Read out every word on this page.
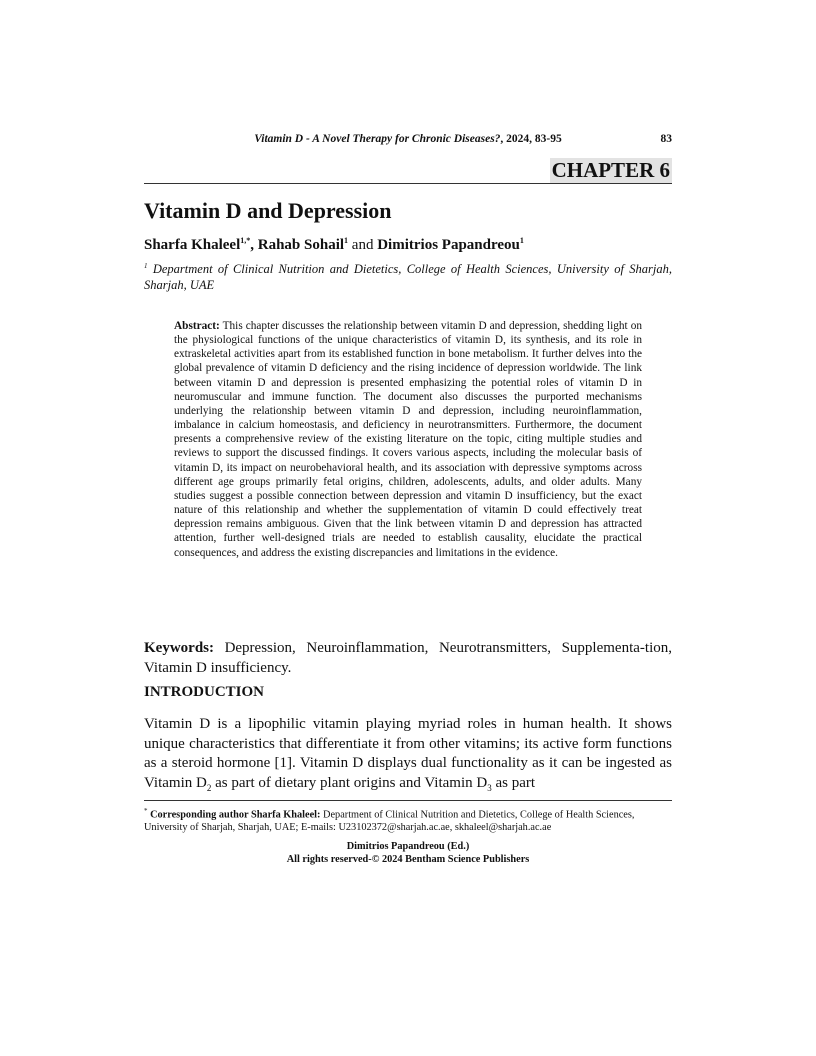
Vitamin D - A Novel Therapy for Chronic Diseases?, 2024, 83-95	83
CHAPTER 6
Vitamin D and Depression
Sharfa Khaleel$^{1,*}$, Rahab Sohail$^1$ and Dimitrios Papandreou$^1$
$^1$ Department of Clinical Nutrition and Dietetics, College of Health Sciences, University of Sharjah, Sharjah, UAE
Abstract: This chapter discusses the relationship between vitamin D and depression, shedding light on the physiological functions of the unique characteristics of vitamin D, its synthesis, and its role in extraskeletal activities apart from its established function in bone metabolism. It further delves into the global prevalence of vitamin D deficiency and the rising incidence of depression worldwide. The link between vitamin D and depression is presented emphasizing the potential roles of vitamin D in neuromuscular and immune function. The document also discusses the purported mechanisms underlying the relationship between vitamin D and depression, including neuroinflammation, imbalance in calcium homeostasis, and deficiency in neurotransmitters. Furthermore, the document presents a comprehensive review of the existing literature on the topic, citing multiple studies and reviews to support the discussed findings. It covers various aspects, including the molecular basis of vitamin D, its impact on neurobehavioral health, and its association with depressive symptoms across different age groups primarily fetal origins, children, adolescents, adults, and older adults. Many studies suggest a possible connection between depression and vitamin D insufficiency, but the exact nature of this relationship and whether the supplementation of vitamin D could effectively treat depression remains ambiguous. Given that the link between vitamin D and depression has attracted attention, further well-designed trials are needed to establish causality, elucidate the practical consequences, and address the existing discrepancies and limitations in the evidence.
Keywords: Depression, Neuroinflammation, Neurotransmitters, Supplementa-tion, Vitamin D insufficiency.
INTRODUCTION
Vitamin D is a lipophilic vitamin playing myriad roles in human health. It shows unique characteristics that differentiate it from other vitamins; its active form functions as a steroid hormone [1]. Vitamin D displays dual functionality as it can be ingested as Vitamin $D_2$ as part of dietary plant origins and Vitamin $D_3$ as part
* Corresponding author Sharfa Khaleel: Department of Clinical Nutrition and Dietetics, College of Health Sciences, University of Sharjah, Sharjah, UAE; E-mails: U23102372@sharjah.ac.ae, skhaleel@sharjah.ac.ae
Dimitrios Papandreou (Ed.)
All rights reserved-© 2024 Bentham Science Publishers
